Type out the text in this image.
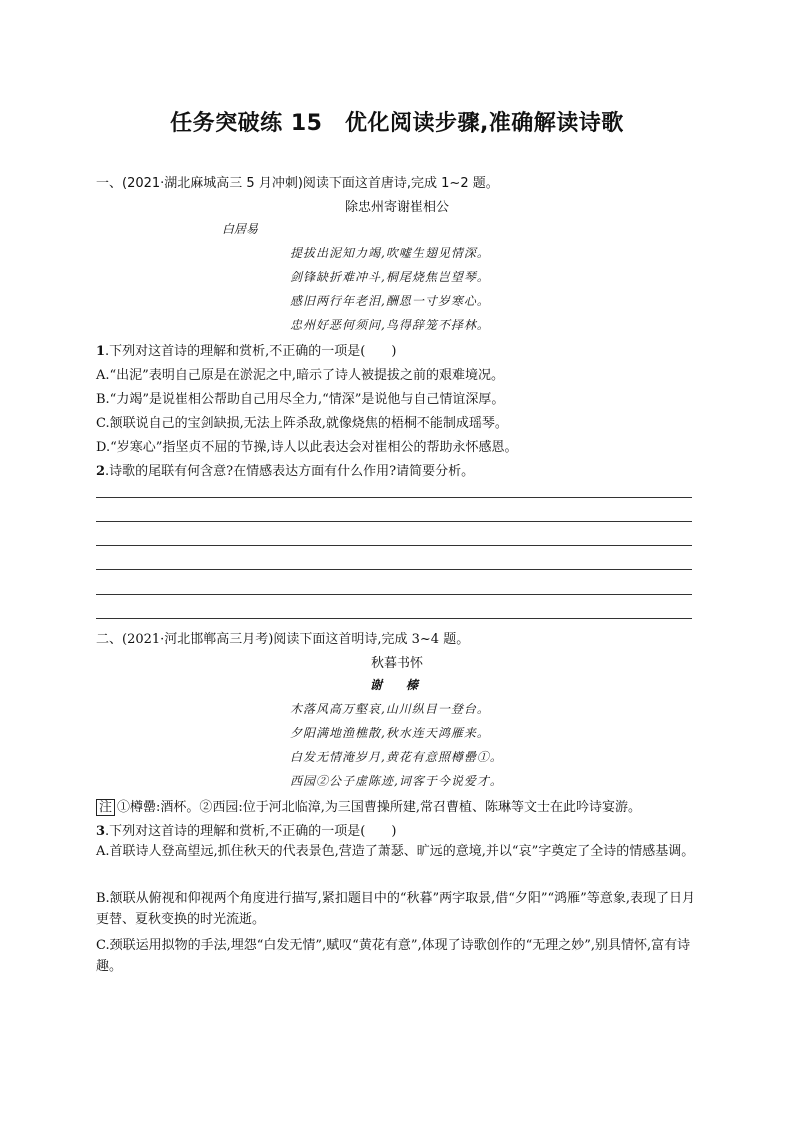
任务突破练 15　优化阅读步骤,准确解读诗歌
一、(2021·湖北麻城高三 5 月冲刺)阅读下面这首唐诗,完成 1~2 题。
除忠州寄谢崔相公
白居易
提拔出泥知力竭,吹嘘生翅见情深。
剑锋缺折难冲斗,桐尾烧焦岂望琴。
感旧两行年老泪,酬恩一寸岁寒心。
忠州好恶何须问,鸟得辞笼不择林。
1.下列对这首诗的理解和赏析,不正确的一项是(　　)
A.“出泥”表明自己原是在淤泥之中,暗示了诗人被提拔之前的艰难境况。
B.“力竭”是说崔相公帮助自己用尽全力,“情深”是说他与自己情谊深厚。
C.颔联说自己的宝剑缺损,无法上阵杀敌,就像烧焦的梧桐不能制成瑶琴。
D.“岁寒心”指坚贞不屈的节操,诗人以此表达会对崔相公的帮助永怀感恩。
2.诗歌的尾联有何含意?在情感表达方面有什么作用?请简要分析。
二、(2021·河北邯郸高三月考)阅读下面这首明诗,完成 3~4 题。
秋暮书怀
谢　榛
木落风高万壑哀,山川纵目一登台。
夕阳满地渔樵散,秋水连天鸿雁来。
白发无情淹岁月,黄花有意照樽罍①。
西园②公子虚陈迹,词客于今说爱才。
注 ①樽罍:酒杯。②西园:位于河北临漳,为三国曹操所建,常召曹植、陈琳等文士在此吟诗宴游。
3.下列对这首诗的理解和赏析,不正确的一项是(　　)
A.首联诗人登高望远,抓住秋天的代表景色,营造了萧瑟、旷远的意境,并以“哀”字奠定了全诗的情感基调。
B.颔联从俯视和仰视两个角度进行描写,紧扣题目中的“秋暮”两字取景,借“夕阳”“鸿雁”等意象,表现了日月更替、夏秋变换的时光流逝。
C.颈联运用拟物的手法,埋怨“白发无情”,赋叹“黄花有意”,体现了诗歌创作的“无理之妙”,别具情怀,富有诗趣。
